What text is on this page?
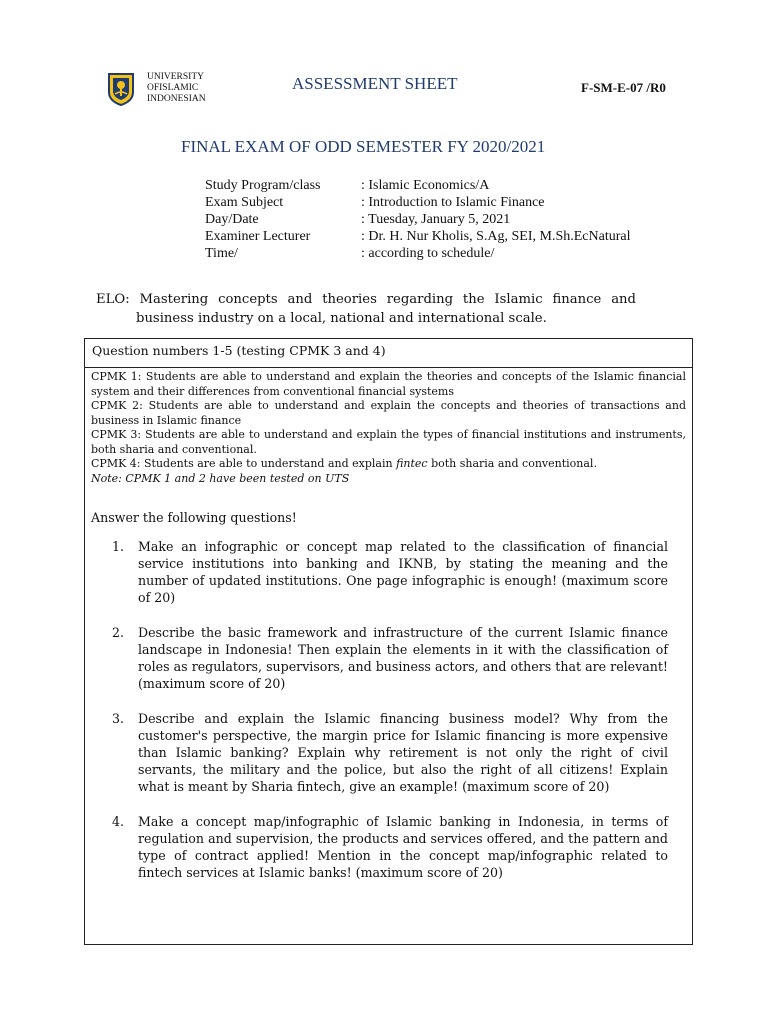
UNIVERSITY
OFISLAMIC
INDONESIAN
ASSESSMENT SHEET	F-SM-E-07 /R0
FINAL EXAM OF ODD SEMESTER FY 2020/2021
Study Program/class	: Islamic Economics/A
Exam Subject	: Introduction to Islamic Finance
Day/Date	: Tuesday, January 5, 2021
Examiner Lecturer	: Dr. H. Nur Kholis, S.Ag, SEI, M.Sh.EcNatural
Time/	: according to schedule/
ELO: Mastering concepts and theories regarding the Islamic finance and
business industry on a local, national and international scale.
Question numbers 1-5 (testing CPMK 3 and 4)
CPMK 1: Students are able to understand and explain the theories and concepts of the Islamic financial system and their differences from conventional financial systems
CPMK 2: Students are able to understand and explain the concepts and theories of transactions and business in Islamic finance
CPMK 3: Students are able to understand and explain the types of financial institutions and instruments, both sharia and conventional.
CPMK 4: Students are able to understand and explain fintec both sharia and conventional.
Note: CPMK 1 and 2 have been tested on UTS
Answer the following questions!
1.	Make an infographic or concept map related to the classification of financial service institutions into banking and IKNB, by stating the meaning and the number of updated institutions. One page infographic is enough! (maximum score of 20)
2.	Describe the basic framework and infrastructure of the current Islamic finance landscape in Indonesia! Then explain the elements in it with the classification of roles as regulators, supervisors, and business actors, and others that are relevant! (maximum score of 20)
3.	Describe and explain the Islamic financing business model? Why from the customer's perspective, the margin price for Islamic financing is more expensive than Islamic banking? Explain why retirement is not only the right of civil servants, the military and the police, but also the right of all citizens! Explain what is meant by Sharia fintech, give an example! (maximum score of 20)
4.	Make a concept map/infographic of Islamic banking in Indonesia, in terms of regulation and supervision, the products and services offered, and the pattern and type of contract applied! Mention in the concept map/infographic related to fintech services at Islamic banks! (maximum score of 20)
